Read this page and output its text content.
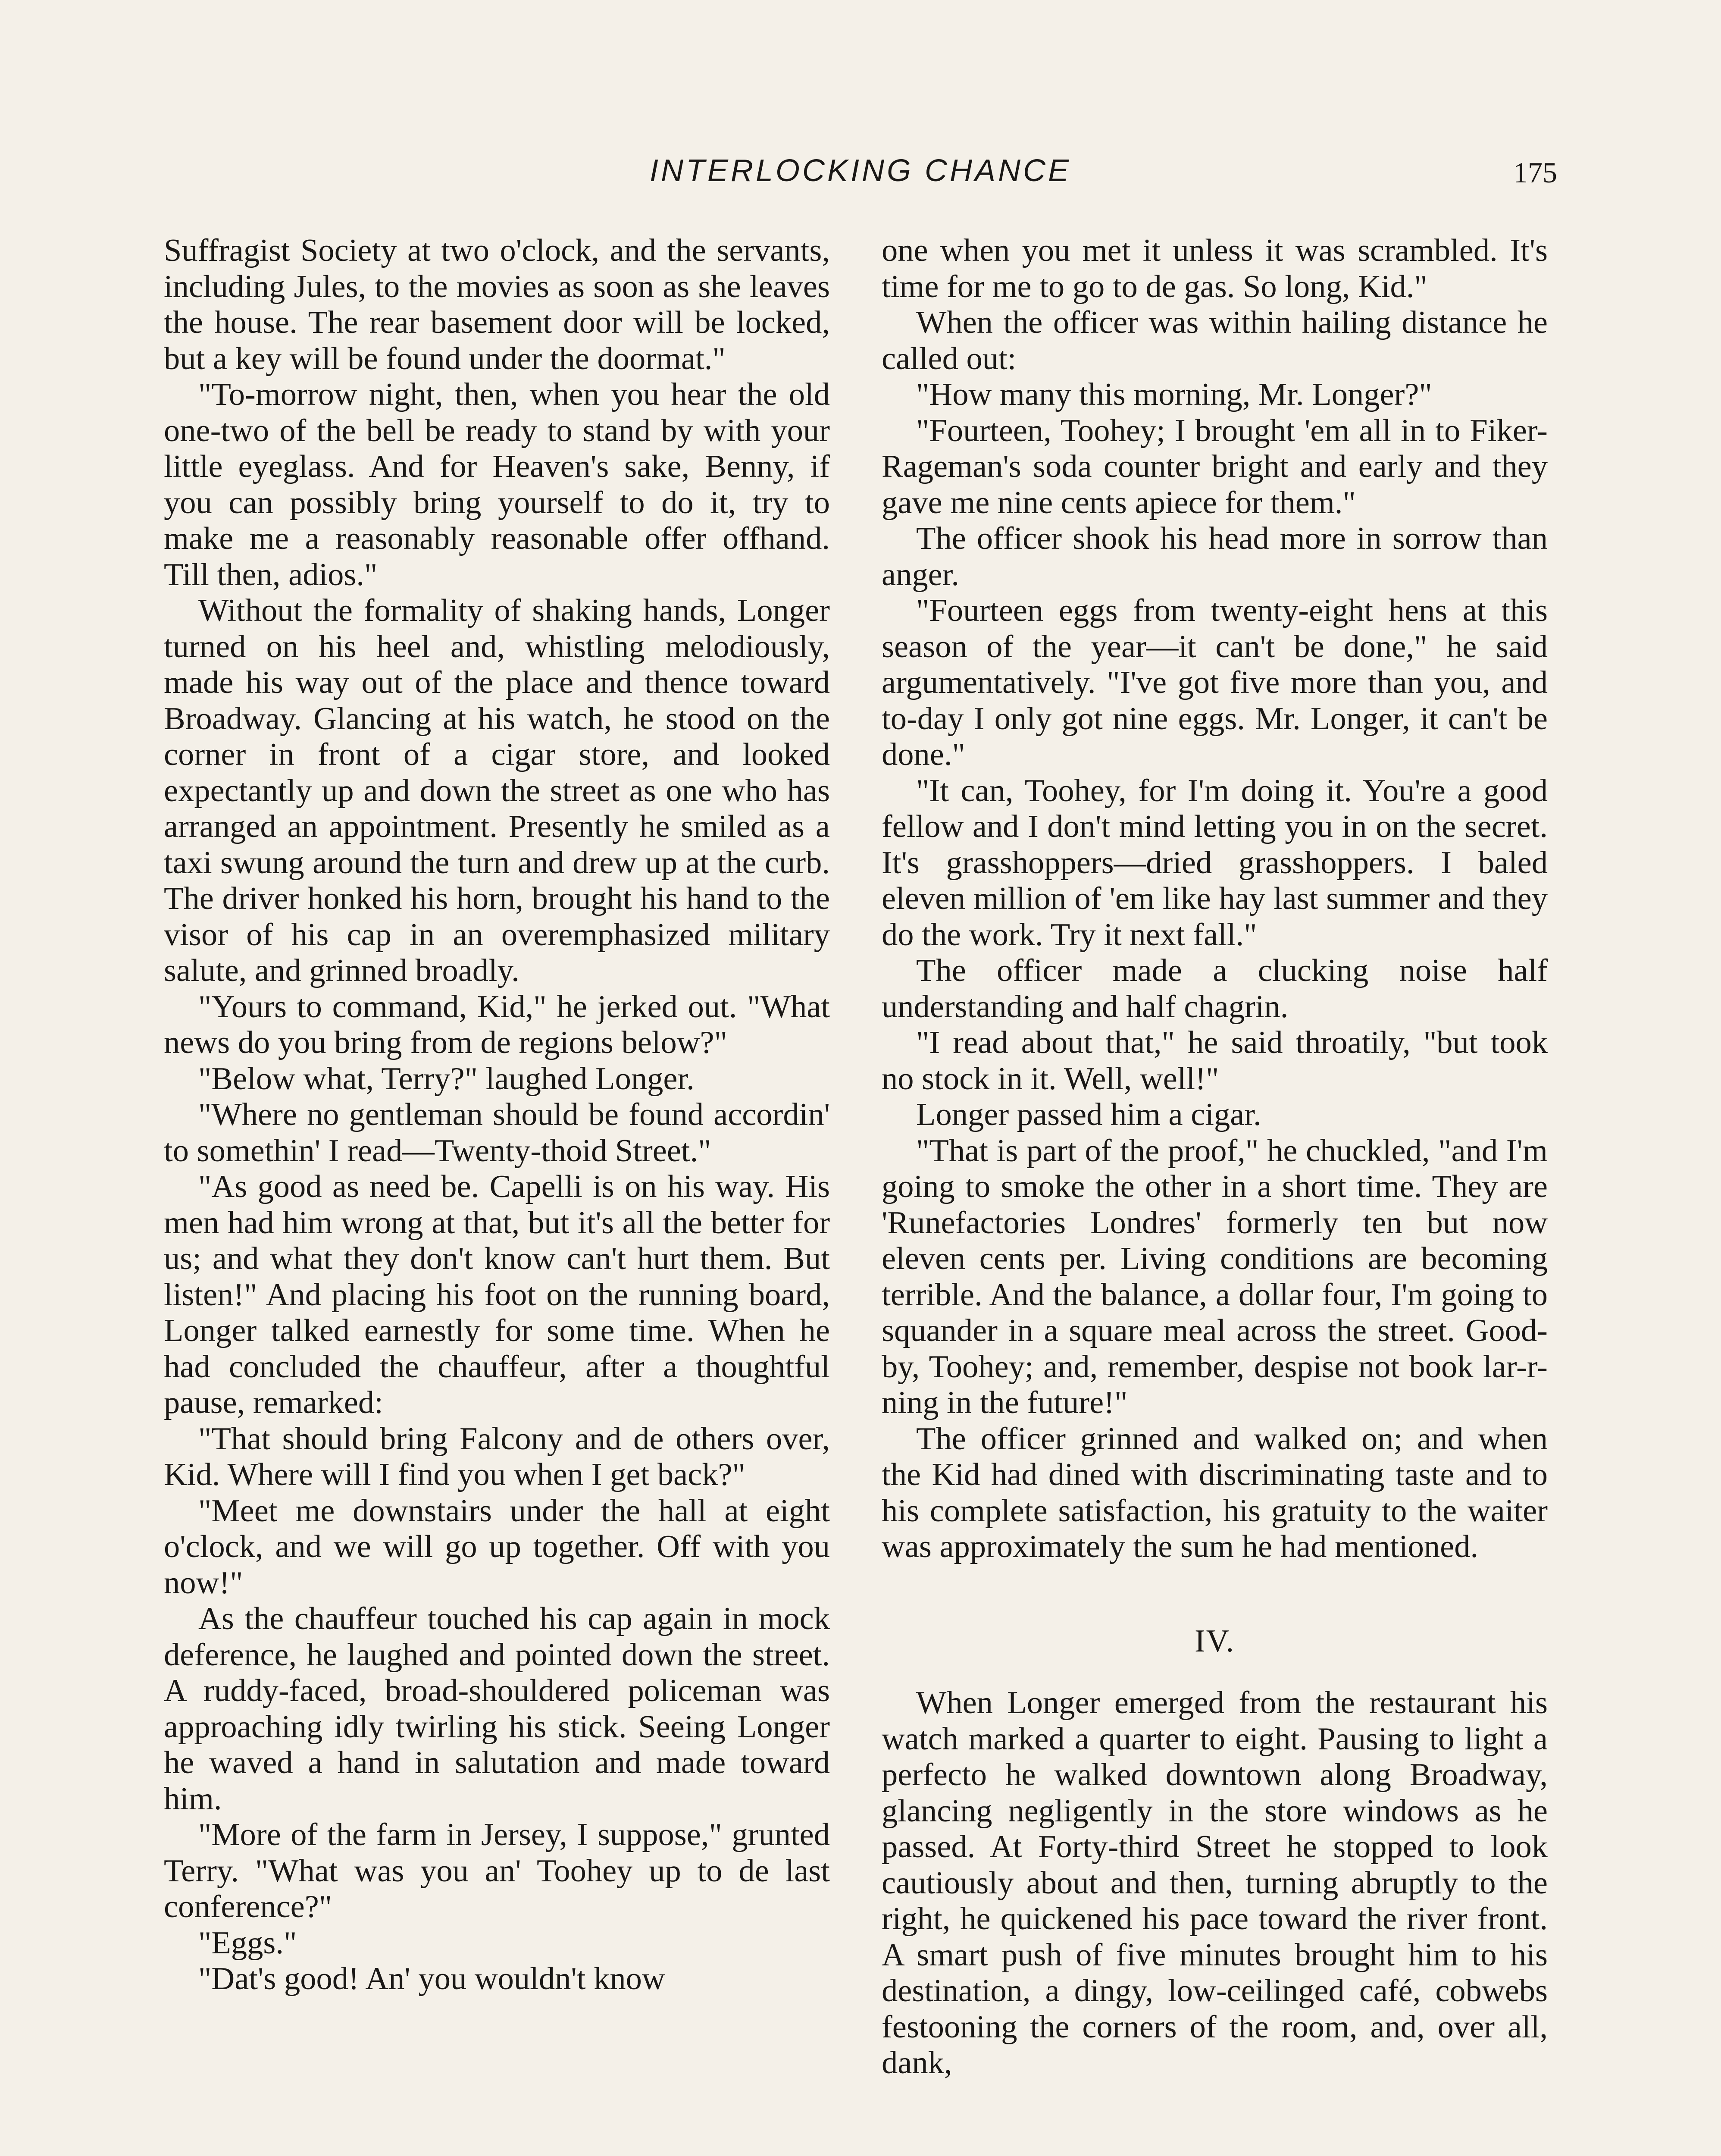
INTERLOCKING CHANCE	175

Suffragist Society at two o'clock, and the servants, including Jules, to the movies as soon as she leaves the house. The rear basement door will be locked, but a key will be found under the doormat."

"To-morrow night, then, when you hear the old one-two of the bell be ready to stand by with your little eyeglass. And for Heaven's sake, Benny, if you can possibly bring yourself to do it, try to make me a reasonably reasonable offer offhand. Till then, adios."

Without the formality of shaking hands, Longer turned on his heel and, whistling melodiously, made his way out of the place and thence toward Broadway. Glancing at his watch, he stood on the corner in front of a cigar store, and looked expectantly up and down the street as one who has arranged an appointment. Presently he smiled as a taxi swung around the turn and drew up at the curb. The driver honked his horn, brought his hand to the visor of his cap in an overemphasized military salute, and grinned broadly.

"Yours to command, Kid," he jerked out. "What news do you bring from de regions below?"

"Below what, Terry?" laughed Longer.

"Where no gentleman should be found accordin' to somethin' I read—Twenty-thoid Street."

"As good as need be. Capelli is on his way. His men had him wrong at that, but it's all the better for us; and what they don't know can't hurt them. But listen!" And placing his foot on the running board, Longer talked earnestly for some time. When he had concluded the chauffeur, after a thoughtful pause, remarked:

"That should bring Falcony and de others over, Kid. Where will I find you when I get back?"

"Meet me downstairs under the hall at eight o'clock, and we will go up together. Off with you now!"

As the chauffeur touched his cap again in mock deference, he laughed and pointed down the street. A ruddy-faced, broad-shouldered policeman was approaching idly twirling his stick. Seeing Longer he waved a hand in salutation and made toward him.

"More of the farm in Jersey, I suppose," grunted Terry. "What was you an' Toohey up to de last conference?"

"Eggs."

"Dat's good! An' you wouldn't know

one when you met it unless it was scrambled. It's time for me to go to de gas. So long, Kid."

When the officer was within hailing distance he called out:

"How many this morning, Mr. Longer?"

"Fourteen, Toohey; I brought 'em all in to Fiker-Rageman's soda counter bright and early and they gave me nine cents apiece for them."

The officer shook his head more in sorrow than anger.

"Fourteen eggs from twenty-eight hens at this season of the year—it can't be done," he said argumentatively. "I've got five more than you, and to-day I only got nine eggs. Mr. Longer, it can't be done."

"It can, Toohey, for I'm doing it. You're a good fellow and I don't mind letting you in on the secret. It's grasshoppers—dried grasshoppers. I baled eleven million of 'em like hay last summer and they do the work. Try it next fall."

The officer made a clucking noise half understanding and half chagrin.

"I read about that," he said throatily, "but took no stock in it. Well, well!"

Longer passed him a cigar.

"That is part of the proof," he chuckled, "and I'm going to smoke the other in a short time. They are 'Runefactories Londres' formerly ten but now eleven cents per. Living conditions are becoming terrible. And the balance, a dollar four, I'm going to squander in a square meal across the street. Good-by, Toohey; and, remember, despise not book lar-r-ning in the future!"

The officer grinned and walked on; and when the Kid had dined with discriminating taste and to his complete satisfaction, his gratuity to the waiter was approximately the sum he had mentioned.

IV.

When Longer emerged from the restaurant his watch marked a quarter to eight. Pausing to light a perfecto he walked downtown along Broadway, glancing negligently in the store windows as he passed. At Forty-third Street he stopped to look cautiously about and then, turning abruptly to the right, he quickened his pace toward the river front. A smart push of five minutes brought him to his destination, a dingy, low-ceilinged café, cobwebs festooning the corners of the room, and, over all, dank,
